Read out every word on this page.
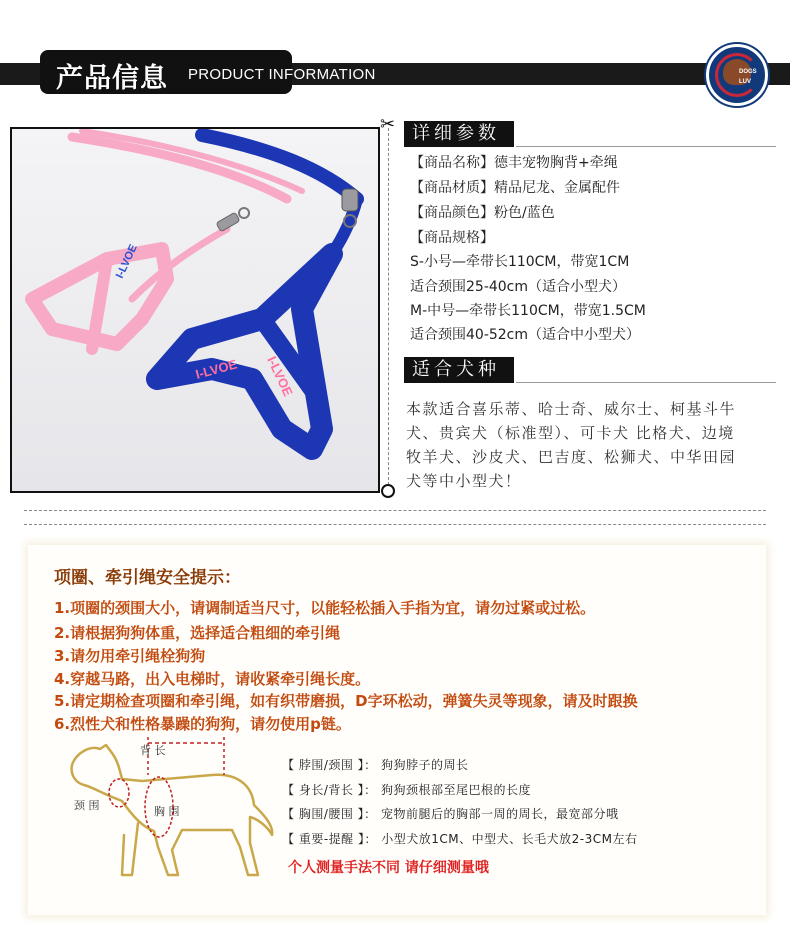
产品信息 PRODUCT INFORMATION	DOGS
LUV
I-LVOE
I-LVOE
I-LVOE
✂ 详细参数
【商品名称】德丰宠物胸背+牵绳
【商品材质】精品尼龙、金属配件
【商品颜色】粉色/蓝色
【商品规格】
S-小号—牵带长110CM，带宽1CM
适合颈围25-40cm（适合小型犬）
M-中号—牵带长110CM，带宽1.5CM
适合颈围40-52cm（适合中小型犬）
适合犬种
本款适合喜乐蒂、哈士奇、威尔士、柯基斗牛犬、贵宾犬（标准型）、可卡犬 比格犬、边境牧羊犬、沙皮犬、巴吉度、松狮犬、中华田园犬等中小型犬！
项圈、牵引绳安全提示：
1.项圈的颈围大小，请调制适当尺寸，以能轻松插入手指为宜，请勿过紧或过松。
2.请根据狗狗体重，选择适合粗细的牵引绳
3.请勿用牵引绳栓狗狗
4.穿越马路，出入电梯时，请收紧牵引绳长度。
5.请定期检查项圈和牵引绳，如有织带磨损，D字环松动，弹簧失灵等现象，请及时跟换
6.烈性犬和性格暴躁的狗狗，请勿使用p链。
背 长
颈 围	胸 围
【 脖围/颈围 】： 狗狗脖子的周长
【 身长/背长 】： 狗狗颈根部至尾巴根的长度
【 胸围/腰围 】： 宠物前腿后的胸部一周的周长，最宽部分哦
【 重要-提醒 】： 小型犬放1CM、中型犬、长毛犬放2-3CM左右
个人测量手法不同 请仔细测量哦
